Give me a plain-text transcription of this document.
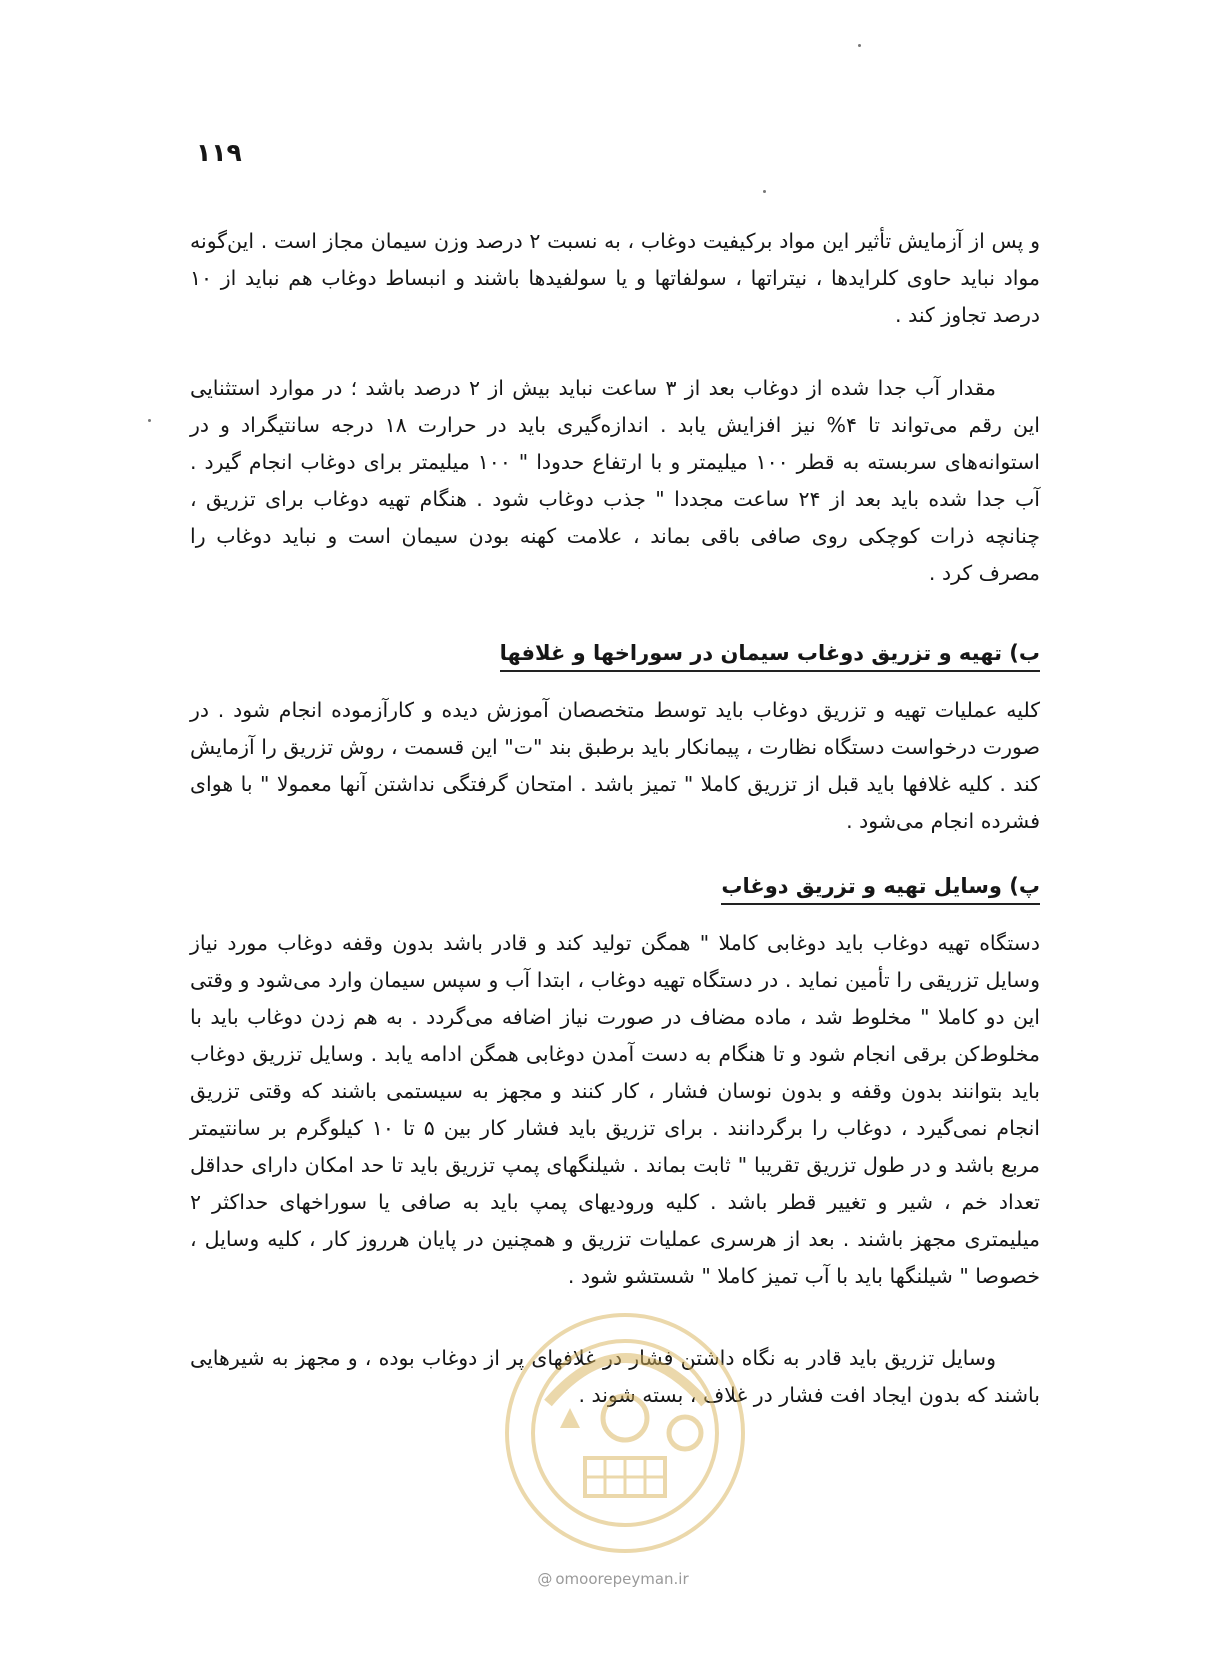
۱۱۹

و پس از آزمایش تأثیر این مواد برکیفیت دوغاب ، به نسبت ۲ درصد وزن سیمان مجاز است . این‌گونه مواد نباید حاوی کلرایدها ، نیتراتها ، سولفاتها و یا سولفیدها باشند و انبساط دوغاب هم نباید از ۱۰ درصد تجاوز کند .

مقدار آب جدا شده از دوغاب بعد از ۳ ساعت نباید بیش از ۲ درصد باشد ؛ در موارد استثنایی این رقم می‌تواند تا ۴% نیز افزایش یابد . اندازه‌گیری باید در حرارت ۱۸ درجه سانتیگراد و در استوانه‌های سربسته به قطر ۱۰۰ میلیمتر و با ارتفاع حدودا " ۱۰۰ میلیمتر برای دوغاب انجام گیرد . آب جدا شده باید بعد از ۲۴ ساعت مجددا " جذب دوغاب شود . هنگام تهیه دوغاب برای تزریق ، چنانچه ذرات کوچکی روی صافی باقی بماند ، علامت کهنه بودن سیمان است و نباید دوغاب را مصرف کرد .

ب) تهیه و تزریق دوغاب سیمان در سوراخها و غلافها

کلیه عملیات تهیه و تزریق دوغاب باید توسط متخصصان آموزش دیده و کارآزموده انجام شود . در صورت درخواست دستگاه نظارت ، پیمانکار باید برطبق بند "ت" این قسمت ، روش تزریق را آزمایش کند . کلیه غلافها باید قبل از تزریق کاملا " تمیز باشد . امتحان گرفتگی نداشتن آنها معمولا " با هوای فشرده انجام می‌شود .

پ) وسایل تهیه و تزریق دوغاب

دستگاه تهیه دوغاب باید دوغابی کاملا " همگن تولید کند و قادر باشد بدون وقفه دوغاب مورد نیاز وسایل تزریقی را تأمین نماید . در دستگاه تهیه دوغاب ، ابتدا آب و سپس سیمان وارد می‌شود و وقتی این دو کاملا " مخلوط شد ، ماده مضاف در صورت نیاز اضافه می‌گردد . به هم زدن دوغاب باید با مخلوط‌کن برقی انجام شود و تا هنگام به دست آمدن دوغابی همگن ادامه یابد . وسایل تزریق دوغاب باید بتوانند بدون وقفه و بدون نوسان فشار ، کار کنند و مجهز به سیستمی باشند که وقتی تزریق انجام نمی‌گیرد ، دوغاب را برگردانند . برای تزریق باید فشار کار بین ۵ تا ۱۰ کیلوگرم بر سانتیمتر مربع باشد و در طول تزریق تقریبا " ثابت بماند . شیلنگهای پمپ تزریق باید تا حد امکان دارای حداقل تعداد خم ، شیر و تغییر قطر باشد . کلیه ورودیهای پمپ باید به صافی یا سوراخهای حداکثر ۲ میلیمتری مجهز باشند . بعد از هرسری عملیات تزریق و همچنین در پایان هرروز کار ، کلیه وسایل ، خصوصا " شیلنگها باید با آب تمیز کاملا " شستشو شود .

وسایل تزریق باید قادر به نگاه داشتن فشار در غلافهای پر از دوغاب بوده ، و مجهز به شیرهایی باشند که بدون ایجاد افت فشار در غلاف ، بسته شوند .

@ omoorepeyman.ir
